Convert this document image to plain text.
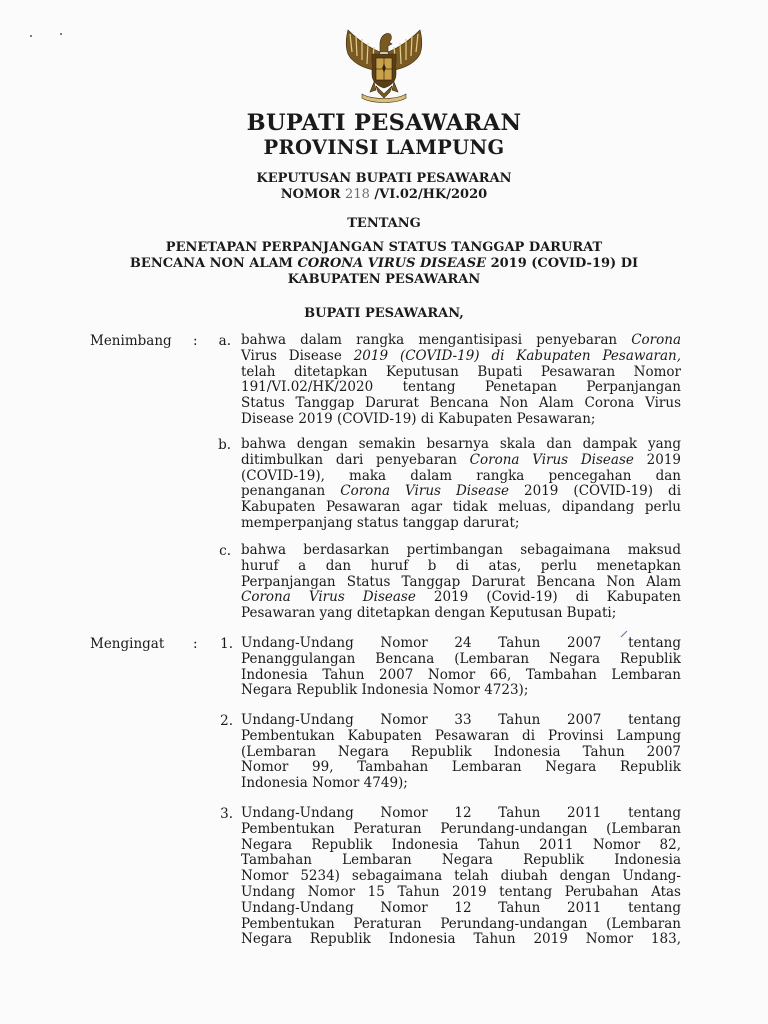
BUPATI PESAWARAN
PROVINSI LAMPUNG
KEPUTUSAN BUPATI PESAWARAN
NOMOR 218 /VI.02/HK/2020
TENTANG
PENETAPAN PERPANJANGAN STATUS TANGGAP DARURAT
BENCANA NON ALAM CORONA VIRUS DISEASE 2019 (COVID-19) DI
KABUPATEN PESAWARAN
BUPATI PESAWARAN,
Menimbang :	a. bahwa dalam rangka mengantisipasi penyebaran Corona
Virus Disease 2019 (COVID-19) di Kabupaten Pesawaran,
telah ditetapkan Keputusan Bupati Pesawaran Nomor
191/VI.02/HK/2020 tentang Penetapan Perpanjangan
Status Tanggap Darurat Bencana Non Alam Corona Virus
Disease 2019 (COVID-19) di Kabupaten Pesawaran;
b. bahwa dengan semakin besarnya skala dan dampak yang
ditimbulkan dari penyebaran Corona Virus Disease 2019
(COVID-19), maka dalam rangka pencegahan dan
penanganan Corona Virus Disease 2019 (COVID-19) di
Kabupaten Pesawaran agar tidak meluas, dipandang perlu
memperpanjang status tanggap darurat;
c. bahwa berdasarkan pertimbangan sebagaimana maksud
huruf a dan huruf b di atas, perlu menetapkan
Perpanjangan Status Tanggap Darurat Bencana Non Alam
Corona Virus Disease 2019 (Covid-19) di Kabupaten
Pesawaran yang ditetapkan dengan Keputusan Bupati;
Mengingat :	1. Undang-Undang Nomor 24 Tahun 2007 tentang
Penanggulangan Bencana (Lembaran Negara Republik
Indonesia Tahun 2007 Nomor 66, Tambahan Lembaran
Negara Republik Indonesia Nomor 4723);
2. Undang-Undang Nomor 33 Tahun 2007 tentang
Pembentukan Kabupaten Pesawaran di Provinsi Lampung
(Lembaran Negara Republik Indonesia Tahun 2007
Nomor 99, Tambahan Lembaran Negara Republik
Indonesia Nomor 4749);
3. Undang-Undang Nomor 12 Tahun 2011 tentang
Pembentukan Peraturan Perundang-undangan (Lembaran
Negara Republik Indonesia Tahun 2011 Nomor 82,
Tambahan Lembaran Negara Republik Indonesia
Nomor 5234) sebagaimana telah diubah dengan Undang-
Undang Nomor 15 Tahun 2019 tentang Perubahan Atas
Undang-Undang Nomor 12 Tahun 2011 tentang
Pembentukan Peraturan Perundang-undangan (Lembaran
Negara Republik Indonesia Tahun 2019 Nomor 183,
